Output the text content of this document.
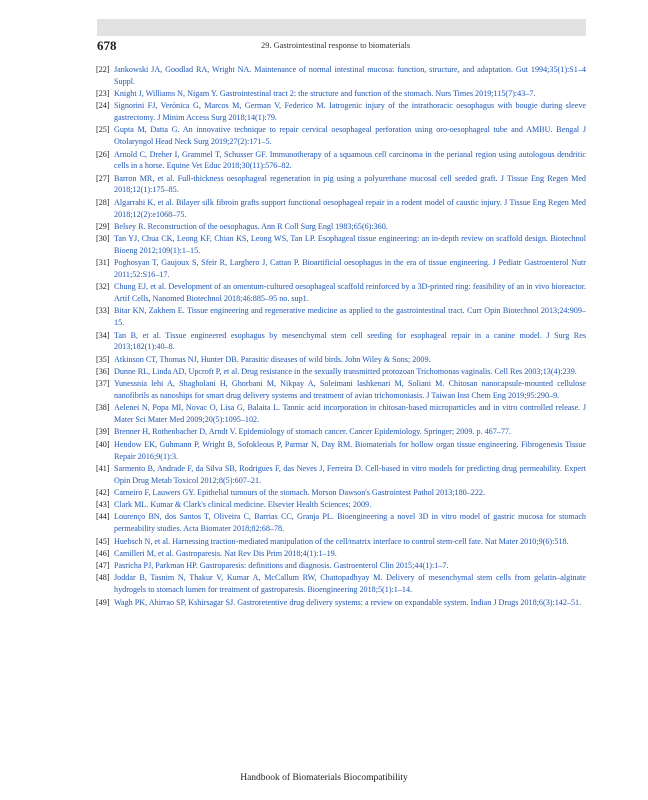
678	29. Gastrointestinal response to biomaterials
[22] Jankowski JA, Goodlad RA, Wright NA. Maintenance of normal intestinal mucosa: function, structure, and adaptation. Gut 1994;35(1):S1–4 Suppl.
[23] Knight J, Williams N, Nigam Y. Gastrointestinal tract 2: the structure and function of the stomach. Nurs Times 2019;115(7):43–7.
[24] Signorini FJ, Verónica G, Marcos M, German V, Federico M. Iatrogenic injury of the intrathoracic oesophagus with bougie during sleeve gastrectomy. J Minim Access Surg 2018;14(1):79.
[25] Gupta M, Datta G. An innovative technique to repair cervical oesophageal perforation using oro-oesophageal tube and AMBU. Bengal J Otolaryngol Head Neck Surg 2019;27(2):171–5.
[26] Arnold C, Dreher I, Grammel T, Schusser GF. Immunotherapy of a squamous cell carcinoma in the perianal region using autologous dendritic cells in a horse. Equine Vet Educ 2018;30(11):576–82.
[27] Barron MR, et al. Full-thickness oesophageal regeneration in pig using a polyurethane mucosal cell seeded graft. J Tissue Eng Regen Med 2018;12(1):175–85.
[28] Algarrahi K, et al. Bilayer silk fibroin grafts support functional oesophageal repair in a rodent model of caustic injury. J Tissue Eng Regen Med 2018;12(2):e1068–75.
[29] Belsey R. Reconstruction of the oesophagus. Ann R Coll Surg Engl 1983;65(6):360.
[30] Tan YJ, Chua CK, Leong KF, Chian KS, Leong WS, Tan LP. Esophageal tissue engineering: an in-depth review on scaffold design. Biotechnol Bioeng 2012;109(1):1–15.
[31] Poghosyan T, Gaujoux S, Sfeir R, Larghero J, Cattan P. Bioartificial oesophagus in the era of tissue engineering. J Pediatr Gastroenterol Nutr 2011;52:S16–17.
[32] Chung EJ, et al. Development of an omentum-cultured oesophageal scaffold reinforced by a 3D-printed ring: feasibility of an in vivo bioreactor. Artif Cells, Nanomed Biotechnol 2018;46:885–95 no. sup1.
[33] Bitar KN, Zakhem E. Tissue engineering and regenerative medicine as applied to the gastrointestinal tract. Curr Opin Biotechnol 2013;24:909–15.
[34] Tan B, et al. Tissue engineered esophagus by mesenchymal stem cell seeding for esophageal repair in a canine model. J Surg Res 2013;182(1):40–8.
[35] Atkinson CT, Thomas NJ, Hunter DB. Parasitic diseases of wild birds. John Wiley & Sons; 2009.
[36] Dunne RL, Linda AD, Upcroft P, et al. Drug resistance in the sexually transmitted protozoan Trichomonas vaginalis. Cell Res 2003;13(4):239.
[37] Yunessnia lehi A, Shagholani H, Ghorbani M, Nikpay A, Soleimani lashkenari M, Soliani M. Chitosan nanocapsule-mounted cellulose nanofibrils as nanoships for smart drug delivery systems and treatment of avian trichomoniasis. J Taiwan Inst Chem Eng 2019;95:290–9.
[38] Aelenei N, Popa MI, Novac O, Lisa G, Balaita L. Tannic acid incorporation in chitosan-based microparticles and in vitro controlled release. J Mater Sci Mater Med 2009;20(5):1095–102.
[39] Brenner H, Rothenbacher D, Arndt V. Epidemiology of stomach cancer. Cancer Epidemiology. Springer; 2009. p. 467–77.
[40] Hendow EK, Guhmann P, Wright B, Sofokleous P, Parmar N, Day RM. Biomaterials for hollow organ tissue engineering. Fibrogenesis Tissue Repair 2016;9(1):3.
[41] Sarmento B, Andrade F, da Silva SB, Rodrigues F, das Neves J, Ferreira D. Cell-based in vitro models for predicting drug permeability. Expert Opin Drug Metab Toxicol 2012;8(5):607–21.
[42] Carneiro F, Lauwers GY. Epithelial tumours of the stomach. Morson Dawson's Gastrointest Pathol 2013;180–222.
[43] Clark ML. Kumar & Clark's clinical medicine. Elsevier Health Sciences; 2009.
[44] Lourenço BN, dos Santos T, Oliveira C, Barrias CC, Granja PL. Bioengineering a novel 3D in vitro model of gastric mucosa for stomach permeability studies. Acta Biomater 2018;82:68–78.
[45] Huebsch N, et al. Harnessing traction-mediated manipulation of the cell/matrix interface to control stem-cell fate. Nat Mater 2010;9(6):518.
[46] Camilleri M, et al. Gastroparesis. Nat Rev Dis Prim 2018;4(1):1–19.
[47] Pasricha PJ, Parkman HP. Gastroparesis: definitions and diagnosis. Gastroenterol Clin 2015;44(1):1–7.
[48] Joddar B, Tasnim N, Thakur V, Kumar A, McCallum RW, Chattopadhyay M. Delivery of mesenchymal stem cells from gelatin–alginate hydrogels to stomach lumen for treatment of gastroparesis. Bioengineering 2018;5(1):1–14.
[49] Wagh PK, Ahirrao SP, Kshirsagar SJ. Gastroretentive drug delivery systems: a review on expandable system. Indian J Drugs 2018;6(3):142–51.
Handbook of Biomaterials Biocompatibility
